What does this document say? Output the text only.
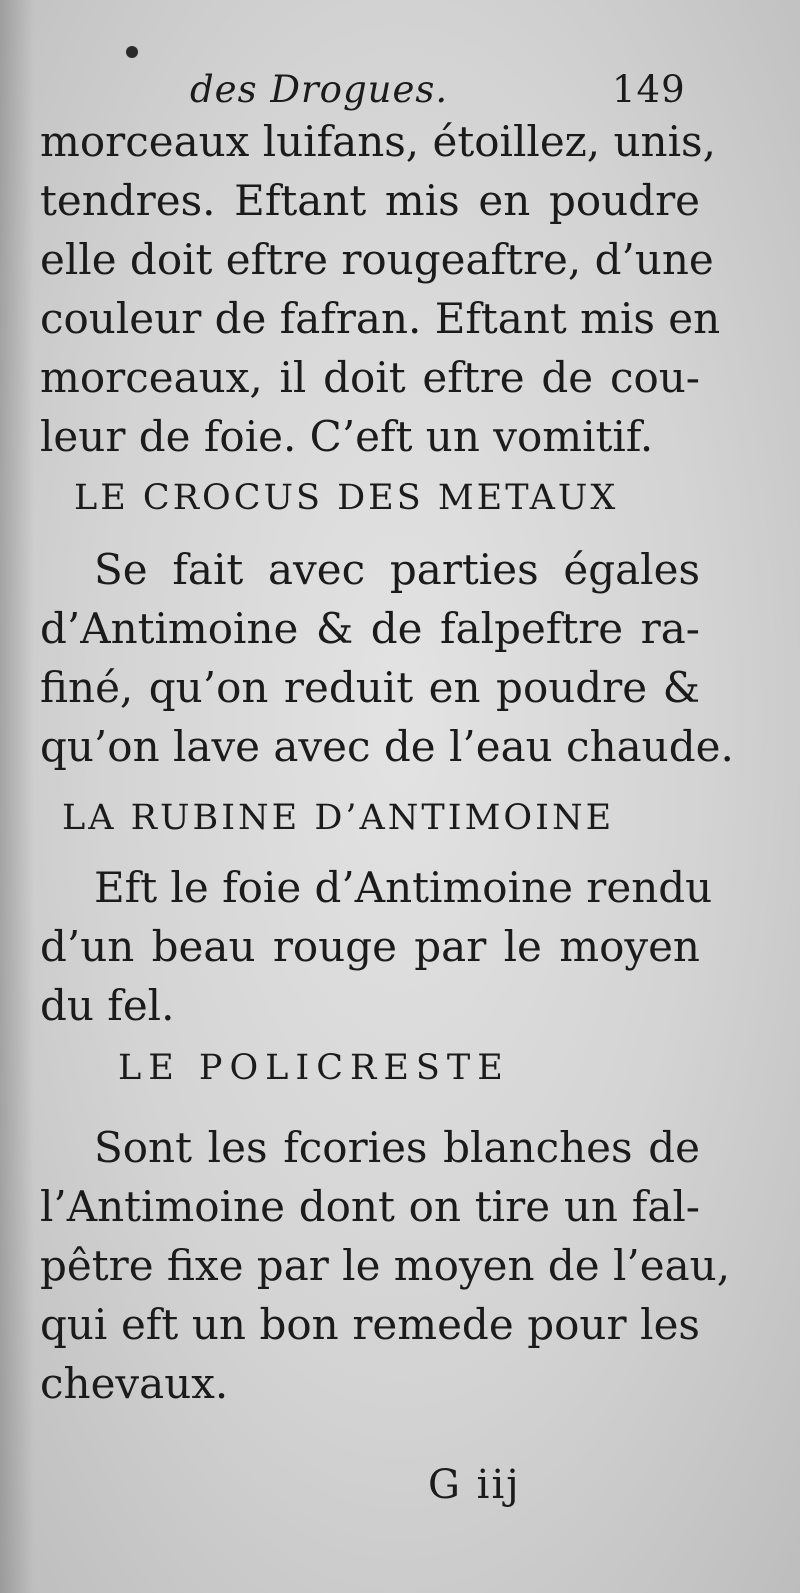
des Drogues.	149
morceaux luifans, étoillez, unis,
tendres. Eftant mis en poudre
elle doit eftre rougeaftre, d’une
couleur de fafran. Eftant mis en
morceaux, il doit eftre de cou-
leur de foie. C’eft un vomitif.
LE CROCUS DES METAUX
Se fait avec parties égales
d’Antimoine & de falpeftre ra-
finé, qu’on reduit en poudre &
qu’on lave avec de l’eau chaude.
LA RUBINE D’ANTIMOINE
Eft le foie d’Antimoine rendu
d’un beau rouge par le moyen
du fel.
LE POLICRESTE
Sont les fcories blanches de
l’Antimoine dont on tire un fal-
pêtre fixe par le moyen de l’eau,
qui eft un bon remede pour les
chevaux.
G iij
